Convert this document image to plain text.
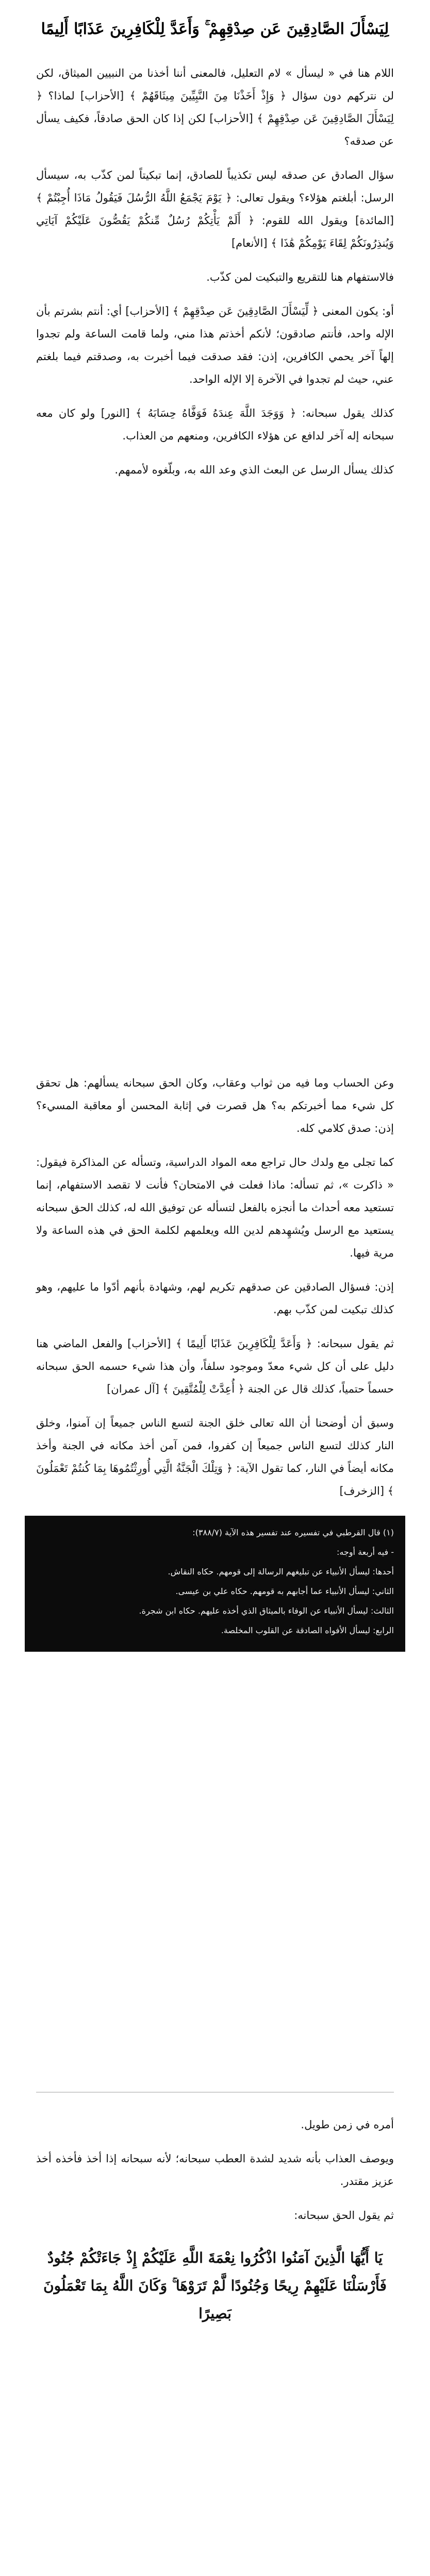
لِيَسْأَلَ الصَّادِقِينَ عَن صِدْقِهِمْ ۚ وَأَعَدَّ لِلْكَافِرِينَ عَذَابًا أَلِيمًا

اللام هنا في « ليسأل » لام التعليل، فالمعنى أننا أخذنا من النبيين الميثاق، لكن لن نتركهم دون سؤال ﴿ وَإِذْ أَخَذْنَا مِنَ النَّبِيِّينَ مِيثَاقَهُمْ ﴾ [الأحزاب] لماذا؟ ﴿ لِيَسْأَلَ الصَّادِقِينَ عَن صِدْقِهِمْ ﴾ [الأحزاب] لكن إذا كان الحق صادقاً، فكيف يسأل عن صدقه؟

سؤال الصادق عن صدقه ليس تكذيباً للصادق، إنما تبكيتاً لمن كذّب به، سيسأل الرسل: أبلغتم هؤلاء؟ ويقول تعالى: ﴿ يَوْمَ يَجْمَعُ اللَّهُ الرُّسُلَ فَيَقُولُ مَاذَا أُجِبْتُمْ ﴾ [المائدة] ويقول الله للقوم: ﴿ أَلَمْ يَأْتِكُمْ رُسُلٌ مِّنكُمْ يَقُصُّونَ عَلَيْكُمْ آيَاتِي وَيُنذِرُونَكُمْ لِقَاءَ يَوْمِكُمْ هَٰذَا ﴾ [الأنعام]

فالاستفهام هنا للتقريع والتبكيت لمن كذّب.

أو: يكون المعنى ﴿ لِّيَسْأَلَ الصَّادِقِينَ عَن صِدْقِهِمْ ﴾ [الأحزاب] أي: أنتم بشرتم بأن الإله واحد، فأنتم صادقون؛ لأنكم أخذتم هذا مني، ولما قامت الساعة ولم تجدوا إلهاً آخر يحمي الكافرين، إذن: فقد صدقت فيما أخبرت به، وصدقتم فيما بلغتم عني، حيث لم تجدوا في الآخرة إلا الإله الواحد.

كذلك يقول سبحانه: ﴿ وَوَجَدَ اللَّهَ عِندَهُ فَوَفَّاهُ حِسَابَهُ ﴾ [النور] ولو كان معه سبحانه إله آخر لدافع عن هؤلاء الكافرين، ومنعهم من العذاب.

كذلك يسأل الرسل عن البعث الذي وعد الله به، وبلّغوه لأممهم.

وعن الحساب وما فيه من ثواب وعقاب، وكان الحق سبحانه يسألهم: هل تحقق كل شيء مما أخبرتكم به؟ هل قصرت في إثابة المحسن أو معاقبة المسيء؟ إذن: صدق كلامي كله.

كما تجلى مع ولدك حال تراجع معه المواد الدراسية، وتسأله عن المذاكرة فيقول: « ذاكرت »، ثم تسأله: ماذا فعلت في الامتحان؟ فأنت لا تقصد الاستفهام، إنما تستعيد معه أحداث ما أنجزه بالفعل لتسأله عن توفيق الله له، كذلك الحق سبحانه يستعيد مع الرسل ويُشهِدهم لدين الله ويعلمهم لكلمة الحق في هذه الساعة ولا مرية فيها.

إذن: فسؤال الصادقين عن صدقهم تكريم لهم، وشهادة بأنهم أدّوا ما عليهم، وهو كذلك تبكيت لمن كذّب بهم.

ثم يقول سبحانه: ﴿ وَأَعَدَّ لِلْكَافِرِينَ عَذَابًا أَلِيمًا ﴾ [الأحزاب] والفعل الماضي هنا دليل على أن كل شيء معدّ وموجود سلفاً، وأن هذا شيء حسمه الحق سبحانه حسماً حتمياً، كذلك قال عن الجنة ﴿ أُعِدَّتْ لِلْمُتَّقِينَ ﴾ [آل عمران]

وسبق أن أوضحنا أن الله تعالى خلق الجنة لتسع الناس جميعاً إن آمنوا، وخلق النار كذلك لتسع الناس جميعاً إن كفروا، فمن آمن أخذ مكانه في الجنة وأخذ مكانه أيضاً في النار، كما تقول الآية: ﴿ وَتِلْكَ الْجَنَّةُ الَّتِي أُورِثْتُمُوهَا بِمَا كُنتُمْ تَعْمَلُونَ ﴾ [الزخرف]

(١) قال القرطبي في تفسيره عند تفسير هذه الآية (٣٨٨/٧):
- فيه أربعة أوجه:
أحدها: ليسأل الأنبياء عن تبليغهم الرسالة إلى قومهم. حكاه النقاش.
الثاني: ليسأل الأنبياء عما أجابهم به قومهم. حكاه علي بن عيسى.
الثالث: ليسأل الأنبياء عن الوفاء بالميثاق الذي أخذه عليهم. حكاه ابن شجرة.
الرابع: ليسأل الأفواه الصادقة عن القلوب المخلصة.

أمره في زمن طويل.

ويوصف العذاب بأنه شديد لشدة العطب سبحانه؛ لأنه سبحانه إذا أخذ فأخذه أخذ عزيز مقتدر.

ثم يقول الحق سبحانه:

يَا أَيُّهَا الَّذِينَ آمَنُوا اذْكُرُوا نِعْمَةَ اللَّهِ عَلَيْكُمْ إِذْ جَاءَتْكُمْ جُنُودٌ فَأَرْسَلْنَا عَلَيْهِمْ رِيحًا وَجُنُودًا لَّمْ تَرَوْهَا ۚ وَكَانَ اللَّهُ بِمَا تَعْمَلُونَ بَصِيرًا
